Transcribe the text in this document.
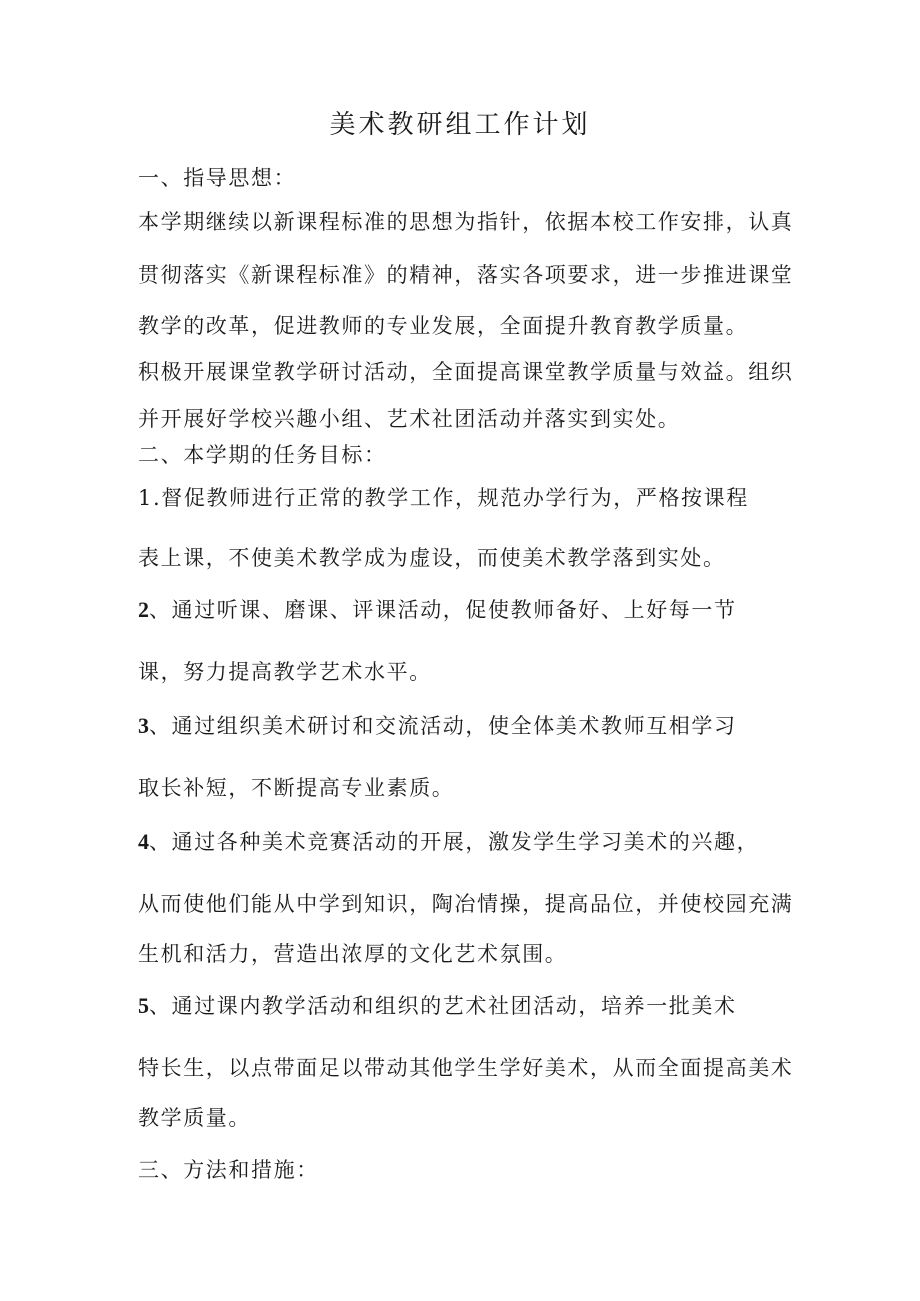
美术教研组工作计划
一、指导思想：
本学期继续以新课程标准的思想为指针，依据本校工作安排，认真
贯彻落实《新课程标准》的精神，落实各项要求，进一步推进课堂
教学的改革，促进教师的专业发展，全面提升教育教学质量。
积极开展课堂教学研讨活动，全面提高课堂教学质量与效益。组织
并开展好学校兴趣小组、艺术社团活动并落实到实处。
二、本学期的任务目标：
1.督促教师进行正常的教学工作，规范办学行为，严格按课程
表上课，不使美术教学成为虚设，而使美术教学落到实处。
2、通过听课、磨课、评课活动，促使教师备好、上好每一节
课，努力提高教学艺术水平。
3、通过组织美术研讨和交流活动，使全体美术教师互相学习
取长补短，不断提高专业素质。
4、通过各种美术竞赛活动的开展，激发学生学习美术的兴趣，
从而使他们能从中学到知识，陶冶情操，提高品位，并使校园充满
生机和活力，营造出浓厚的文化艺术氛围。
5、通过课内教学活动和组织的艺术社团活动，培养一批美术
特长生，以点带面足以带动其他学生学好美术，从而全面提高美术
教学质量。
三、方法和措施：
